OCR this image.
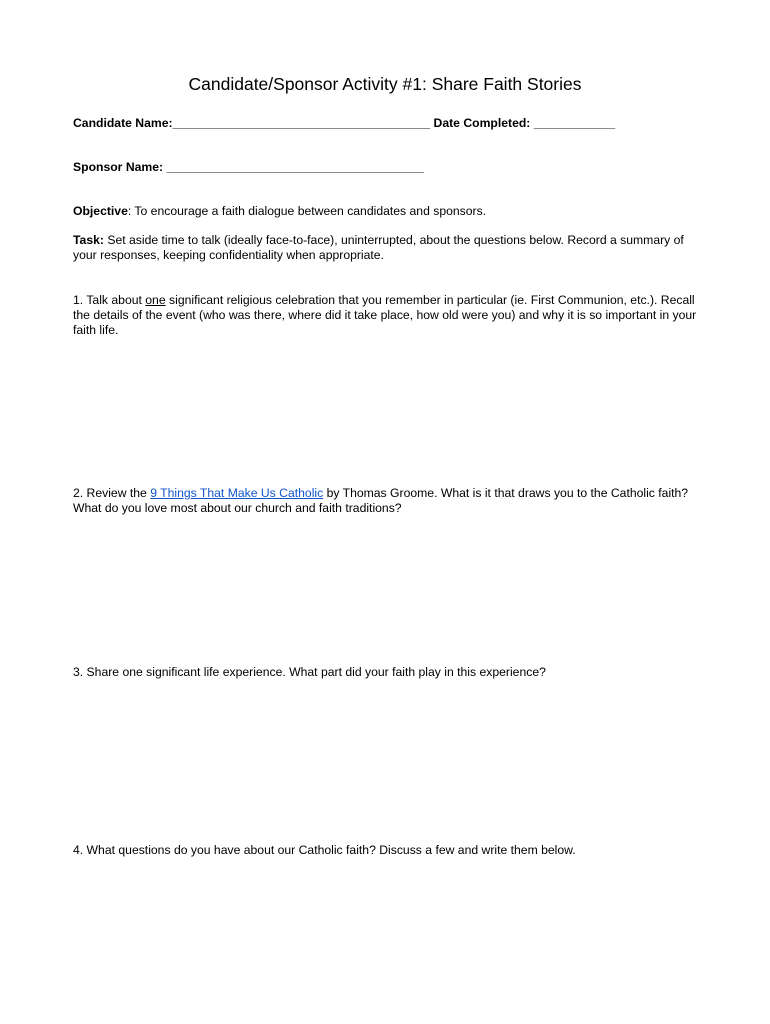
Candidate/Sponsor Activity #1: Share Faith Stories
Candidate Name:______________________________________ Date Completed: ____________
Sponsor Name: ______________________________________
Objective: To encourage a faith dialogue between candidates and sponsors.
Task: Set aside time to talk (ideally face-to-face), uninterrupted, about the questions below. Record a summary of your responses, keeping confidentiality when appropriate.
1. Talk about one significant religious celebration that you remember in particular (ie. First Communion, etc.). Recall the details of the event (who was there, where did it take place, how old were you) and why it is so important in your faith life.
2. Review the 9 Things That Make Us Catholic by Thomas Groome. What is it that draws you to the Catholic faith? What do you love most about our church and faith traditions?
3. Share one significant life experience. What part did your faith play in this experience?
4. What questions do you have about our Catholic faith? Discuss a few and write them below.
